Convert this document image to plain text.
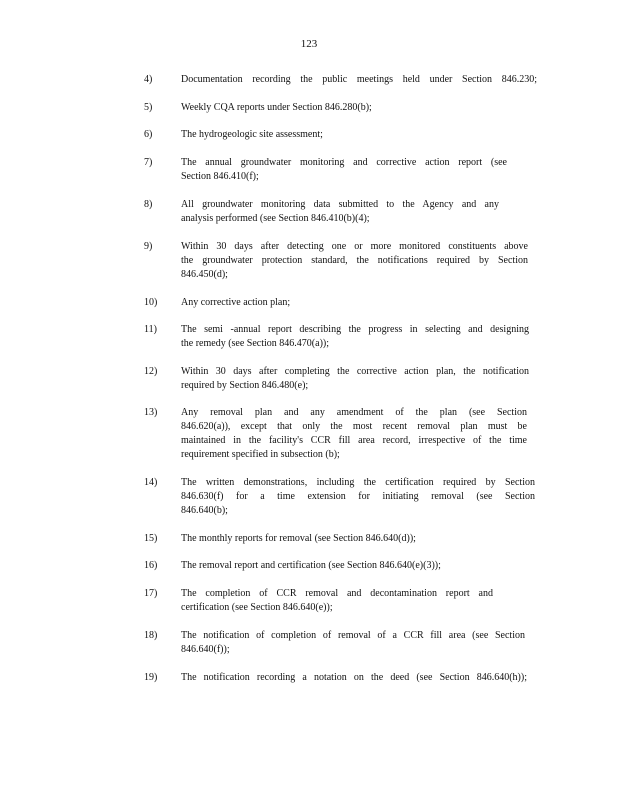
123
4)	Documentation recording the public meetings held under Section 846.230;
5)	Weekly CQA reports under Section 846.280(b);
6)	The hydrogeologic site assessment;
7)	The annual groundwater monitoring and corrective action report (see
Section 846.410(f);
8)	All groundwater monitoring data submitted to the Agency and any
analysis performed (see Section 846.410(b)(4);
9)	Within 30 days after detecting one or more monitored constituents above
the groundwater protection standard, the notifications required by Section
846.450(d);
10) Any corrective action plan;
11) The semi -annual report describing the progress in selecting and designing
the remedy (see Section 846.470(a));
12) Within 30 days after completing the corrective action plan, the notification
required by Section 846.480(e);
13) Any removal plan and any amendment of the plan (see Section
846.620(a)), except that only the most recent removal plan must be
maintained in the facility's CCR fill area record, irrespective of the time
requirement specified in subsection (b);
14) The written demonstrations, including the certification required by Section
846.630(f) for a time extension for initiating removal (see Section
846.640(b);
15) The monthly reports for removal (see Section 846.640(d));
16) The removal report and certification (see Section 846.640(e)(3));
17) The completion of CCR removal and decontamination report and
certification (see Section 846.640(e));
18) The notification of completion of removal of a CCR fill area (see Section
846.640(f));
19) The notification recording a notation on the deed (see Section 846.640(h));
